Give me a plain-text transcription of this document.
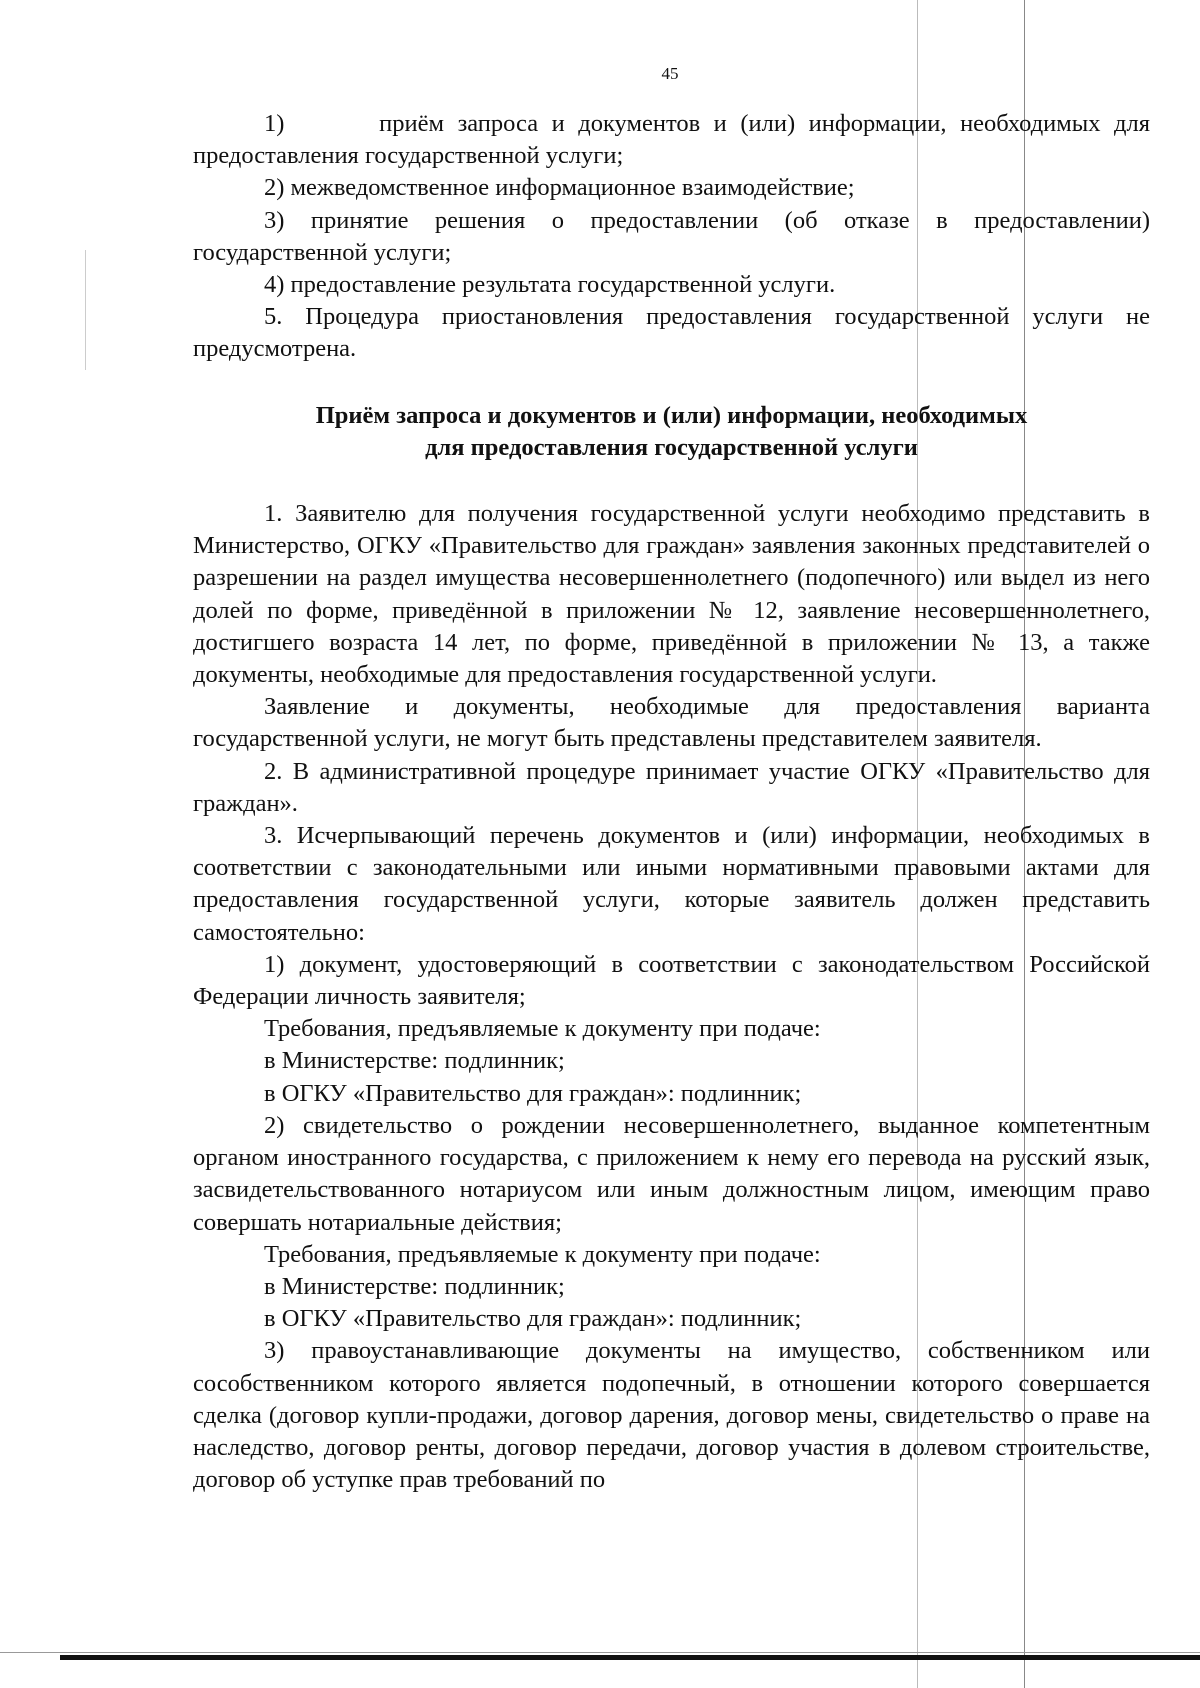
45

1)       приём запроса и документов и (или) информации, необходимых для предоставления государственной услуги;

2) межведомственное информационное взаимодействие;

3) принятие решения о предоставлении (об отказе в предоставлении) государственной услуги;

4) предоставление результата государственной услуги.

5. Процедура приостановления предоставления государственной услуги не предусмотрена.

Приём запроса и документов и (или) информации, необходимых
для предоставления государственной услуги

1. Заявителю для получения государственной услуги необходимо представить в Министерство, ОГКУ «Правительство для граждан» заявления законных представителей о разрешении на раздел имущества несовершеннолетнего (подопечного) или выдел из него долей по форме, приведённой в приложении № 12, заявление несовершеннолетнего, достигшего возраста 14 лет, по форме, приведённой в приложении № 13, а также документы, необходимые для предоставления государственной услуги.

Заявление и документы, необходимые для предоставления варианта государственной услуги, не могут быть представлены представителем заявителя.

2. В административной процедуре принимает участие ОГКУ «Правительство для граждан».

3. Исчерпывающий перечень документов и (или) информации, необходимых в соответствии с законодательными или иными нормативными правовыми актами для предоставления государственной услуги, которые заявитель должен представить самостоятельно:

1) документ, удостоверяющий в соответствии с законодательством Российской Федерации личность заявителя;

Требования, предъявляемые к документу при подаче:

в Министерстве: подлинник;

в ОГКУ «Правительство для граждан»: подлинник;

2) свидетельство о рождении несовершеннолетнего, выданное компетентным органом иностранного государства, с приложением к нему его перевода на русский язык, засвидетельствованного нотариусом или иным должностным лицом, имеющим право совершать нотариальные действия;

Требования, предъявляемые к документу при подаче:

в Министерстве: подлинник;

в ОГКУ «Правительство для граждан»: подлинник;

3) правоустанавливающие документы на имущество, собственником или сособственником которого является подопечный, в отношении которого совершается сделка (договор купли-продажи, договор дарения, договор мены, свидетельство о праве на наследство, договор ренты, договор передачи, договор участия в долевом строительстве, договор об уступке прав требований по
